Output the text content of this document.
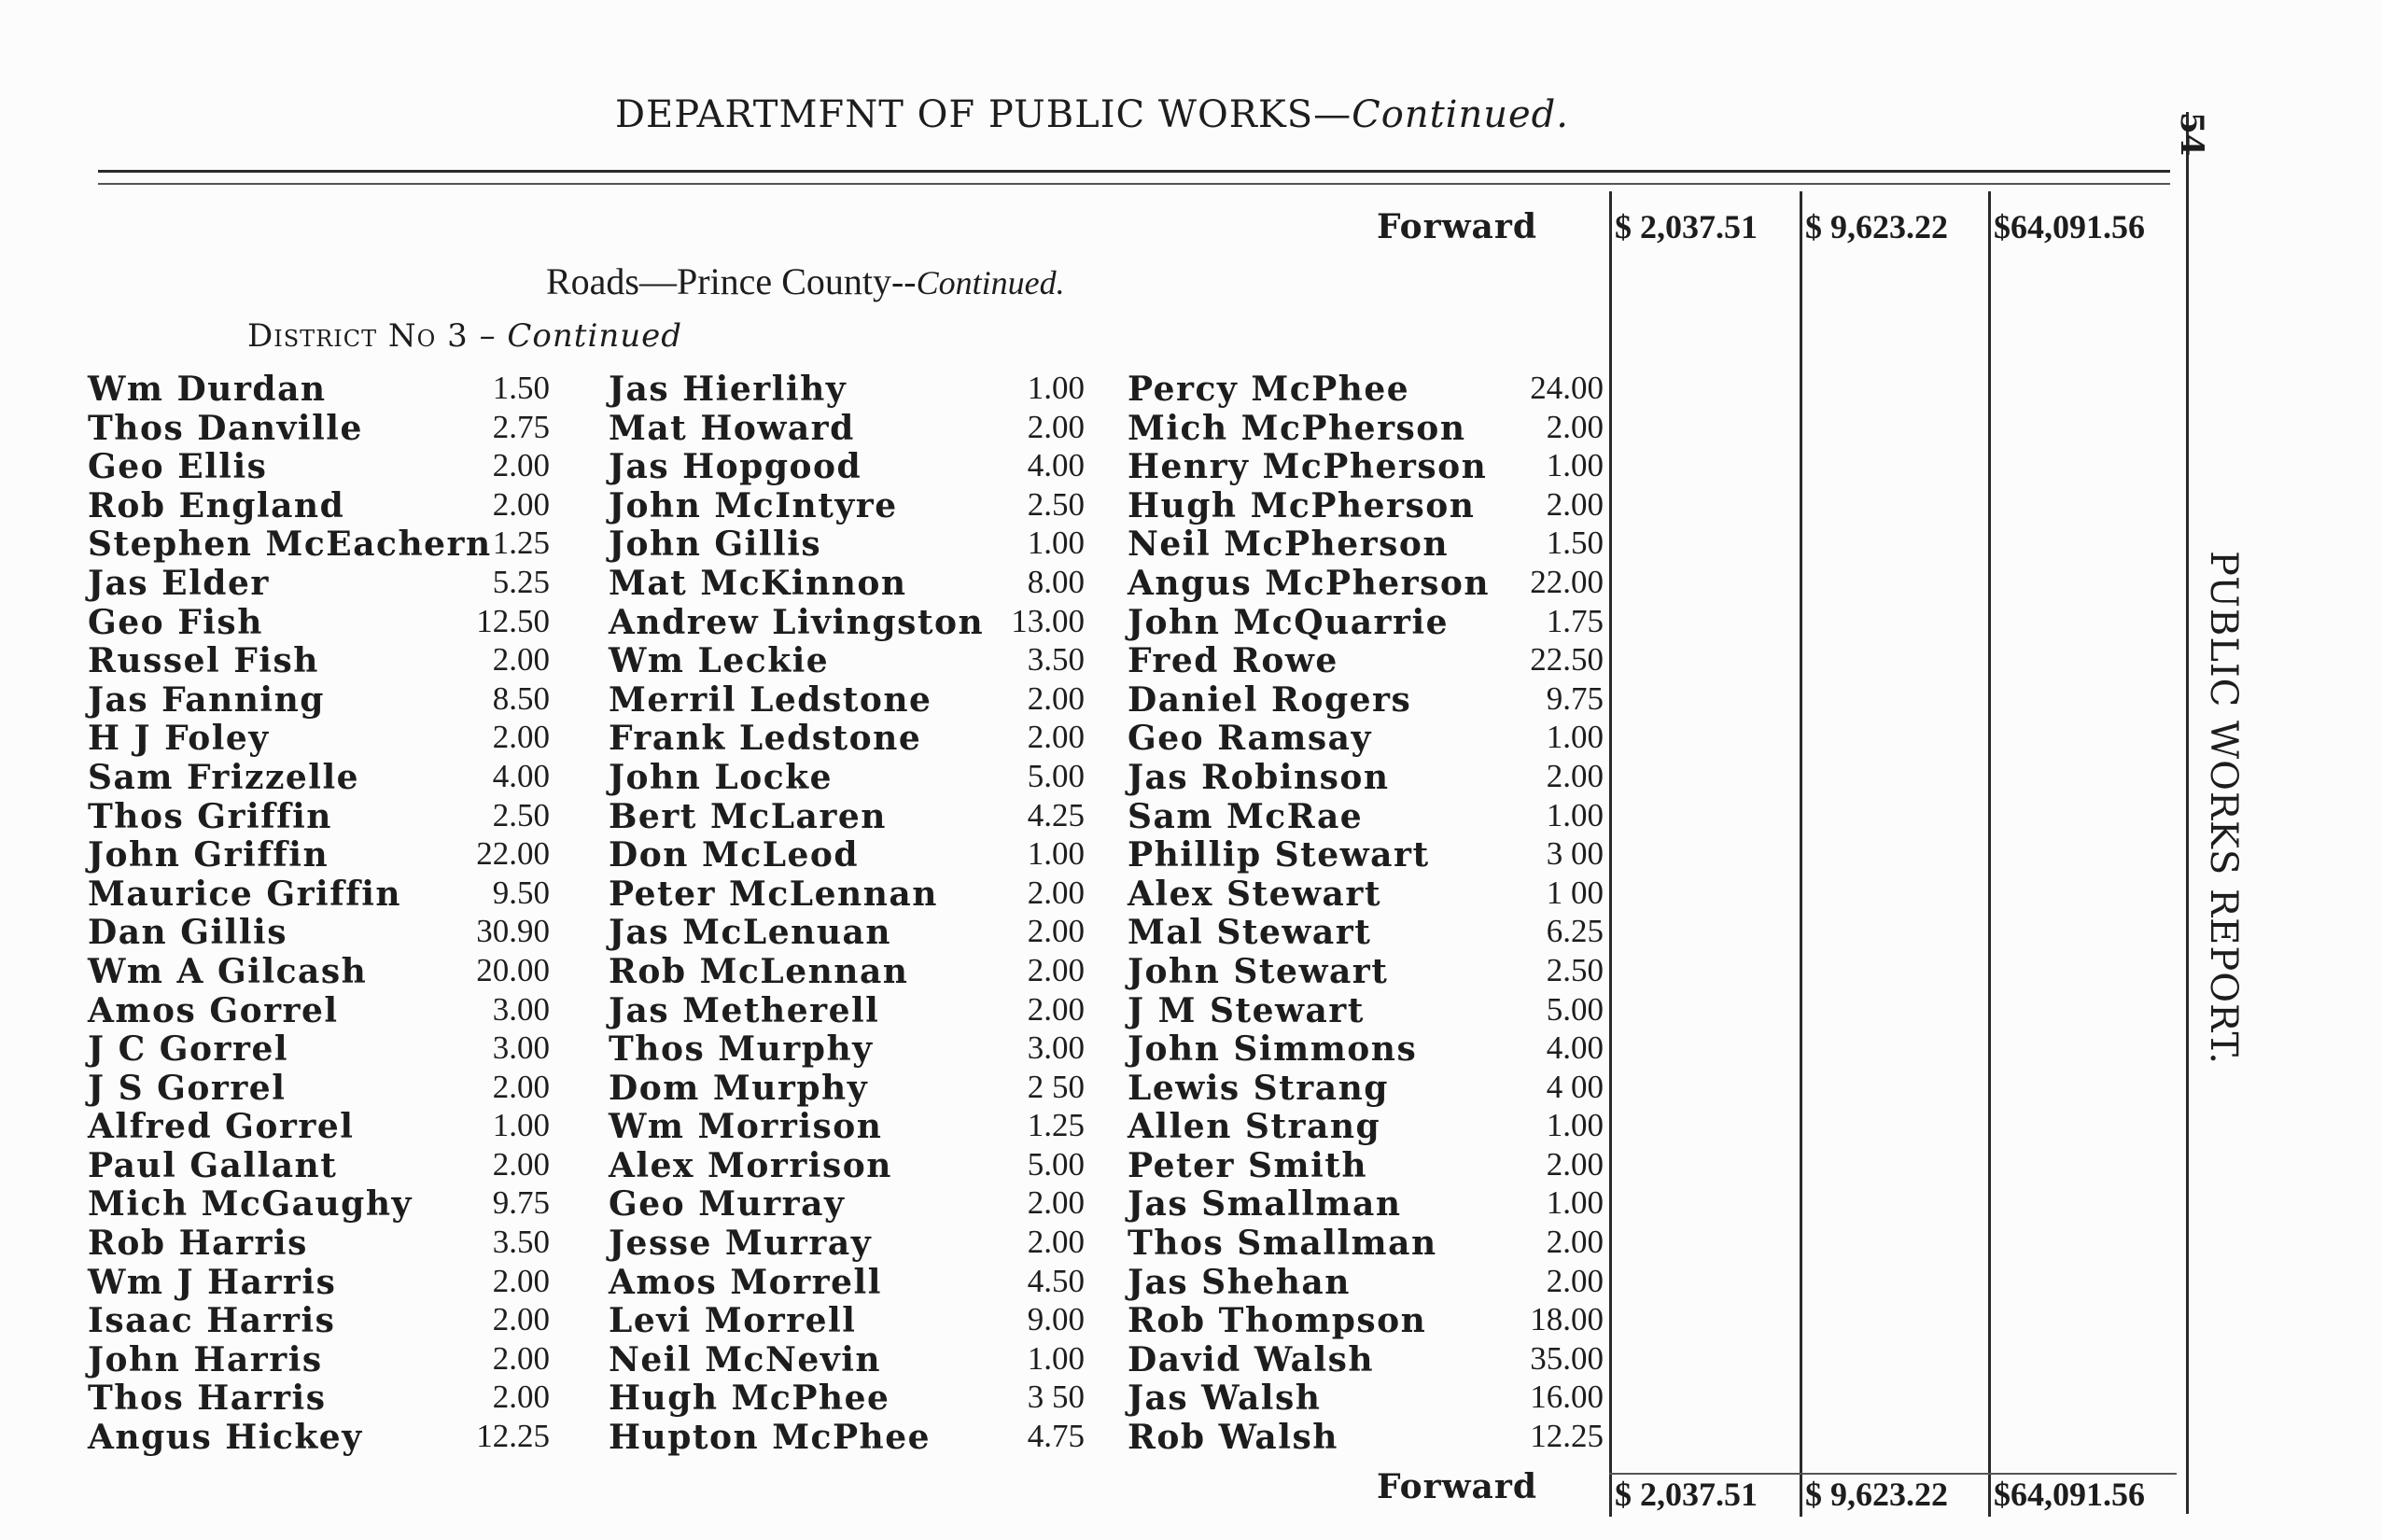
DEPARTMFNT OF PUBLIC WORKS—Continued.	54
PUBLIC WORKS REPORT.
Forward $ 2,037.51 $ 9,623.22 $64,091.56
Roads—Prince County--Continued.
District No 3 – Continued
Wm Durdan	1.50
Thos Danville	2.75
Geo Ellis	2.00
Rob England	2.00
Stephen McEachern 1.25
Jas Elder	5.25
Geo Fish	12.50
Russel Fish	2.00
Jas Fanning	8.50
H J Foley	2.00
Sam Frizzelle	4.00
Thos Griffin	2.50
John Griffin	22.00
Maurice Griffin	9.50
Dan Gillis	30.90
Wm A Gilcash	20.00
Amos Gorrel	3.00
J C Gorrel	3.00
J S Gorrel	2.00
Alfred Gorrel	1.00
Paul Gallant	2.00
Mich McGaughy 9.75
Rob Harris	3.50
Wm J Harris	2.00
Isaac Harris	2.00
John Harris	2.00
Thos Harris	2.00
Angus Hickey	12.25
Jas Hierlihy	1.00
Mat Howard	2.00
Jas Hopgood	4.00
John McIntyre	2.50
John Gillis	1.00
Mat McKinnon	8.00
Andrew Livingston 13.00
Wm Leckie	3.50
Merril Ledstone	2.00
Frank Ledstone	2.00
John Locke	5.00
Bert McLaren	4.25
Don McLeod	1.00
Peter McLennan	2.00
Jas McLenuan	2.00
Rob McLennan	2.00
Jas Metherell	2.00
Thos Murphy	3.00
Dom Murphy	2 50
Wm Morrison	1.25
Alex Morrison	5.00
Geo Murray	2.00
Jesse Murray	2.00
Amos Morrell	4.50
Levi Morrell	9.00
Neil McNevin	1.00
Hugh McPhee	3 50
Hupton McPhee	4.75
Percy McPhee	24.00
Mich McPherson 2.00
Henry McPherson 1.00
Hugh McPherson 2.00
Neil McPherson	1.50
Angus McPherson 22.00
John McQuarrie	1.75
Fred Rowe	22.50
Daniel Rogers	9.75
Geo Ramsay	1.00
Jas Robinson	2.00
Sam McRae	1.00
Phillip Stewart	3 00
Alex Stewart	1 00
Mal Stewart	6.25
John Stewart	2.50
J M Stewart	5.00
John Simmons	4.00
Lewis Strang	4 00
Allen Strang	1.00
Peter Smith	2.00
Jas Smallman	1.00
Thos Smallman	2.00
Jas Shehan	2.00
Rob Thompson	18.00
David Walsh	35.00
Jas Walsh	16.00
Rob Walsh	12.25
Forward $ 2,037.51 $ 9,623.22 $64,091.56
